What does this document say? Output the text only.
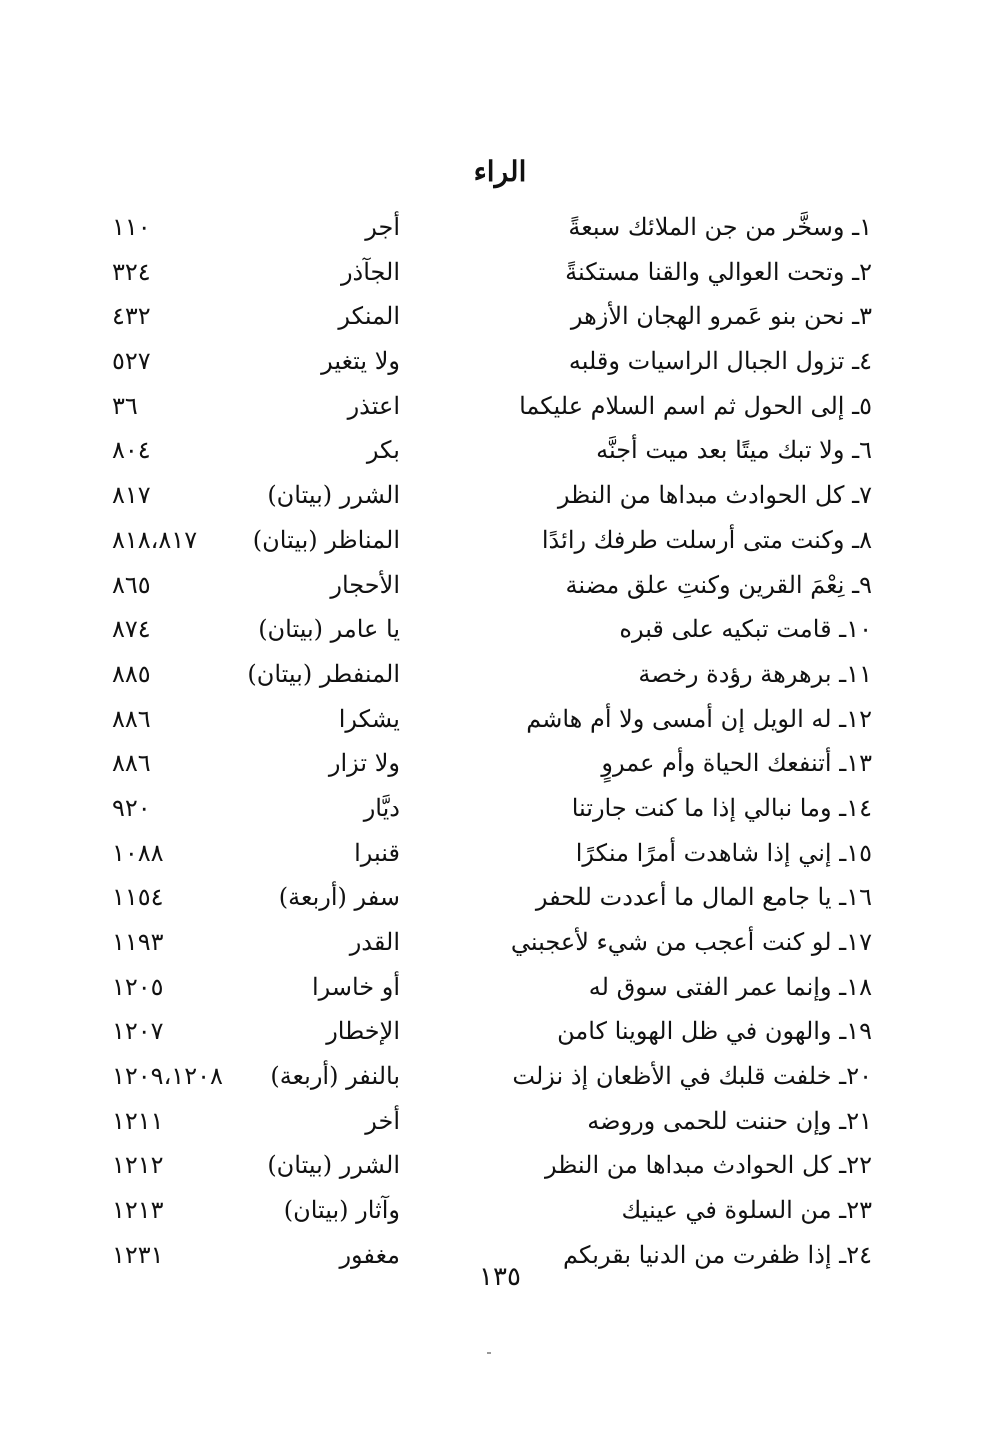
الراء
١ـ وسخَّر من جن الملائك سبعةً
أجر
١١٠
٢ـ وتحت العوالي والقنا مستكنةً
الجآذر
٣٢٤
٣ـ نحن بنو عَمرو الهجان الأزهر
المنكر
٤٣٢
٤ـ تزول الجبال الراسيات وقلبه
ولا يتغير
٥٢٧
٥ـ إلى الحول ثم اسم السلام عليكما
اعتذر
٣٦
٦ـ ولا تبك ميتًا بعد ميت أجنَّه
بكر
٨٠٤
٧ـ كل الحوادث مبداها من النظر
الشرر (بيتان)
٨١٧
٨ـ وكنت متى أرسلت طرفك رائدًا
المناظر (بيتان)
٨١٨،٨١٧
٩ـ نِعْمَ القرين وكنتِ علق مضنة
الأحجار
٨٦٥
١٠ـ قامت تبكيه على قبره
يا عامر (بيتان)
٨٧٤
١١ـ برهرهة رؤدة رخصة
المنفطر (بيتان)
٨٨٥
١٢ـ له الويل إن أمسى ولا أم هاشم
يشكرا
٨٨٦
١٣ـ أتنفعك الحياة وأم عمروٍ
ولا تزار
٨٨٦
١٤ـ وما نبالي إذا ما كنت جارتنا
ديَّار
٩٢٠
١٥ـ إني إذا شاهدت أمرًا منكرًا
قنبرا
١٠٨٨
١٦ـ يا جامع المال ما أعددت للحفر
سفر (أربعة)
١١٥٤
١٧ـ لو كنت أعجب من شيء لأعجبني
القدر
١١٩٣
١٨ـ وإنما عمر الفتى سوق له
أو خاسرا
١٢٠٥
١٩ـ والهون في ظل الهوينا كامن
الإخطار
١٢٠٧
٢٠ـ خلفت قلبك في الأظعان إذ نزلت
بالنفر (أربعة)
١٢٠٩،١٢٠٨
٢١ـ وإن حننت للحمى وروضه
أخر
١٢١١
٢٢ـ كل الحوادث مبداها من النظر
الشرر (بيتان)
١٢١٢
٢٣ـ من السلوة في عينيك
وآثار (بيتان)
١٢١٣
٢٤ـ إذا ظفرت من الدنيا بقربكم
مغفور
١٢٣١
١٣٥
